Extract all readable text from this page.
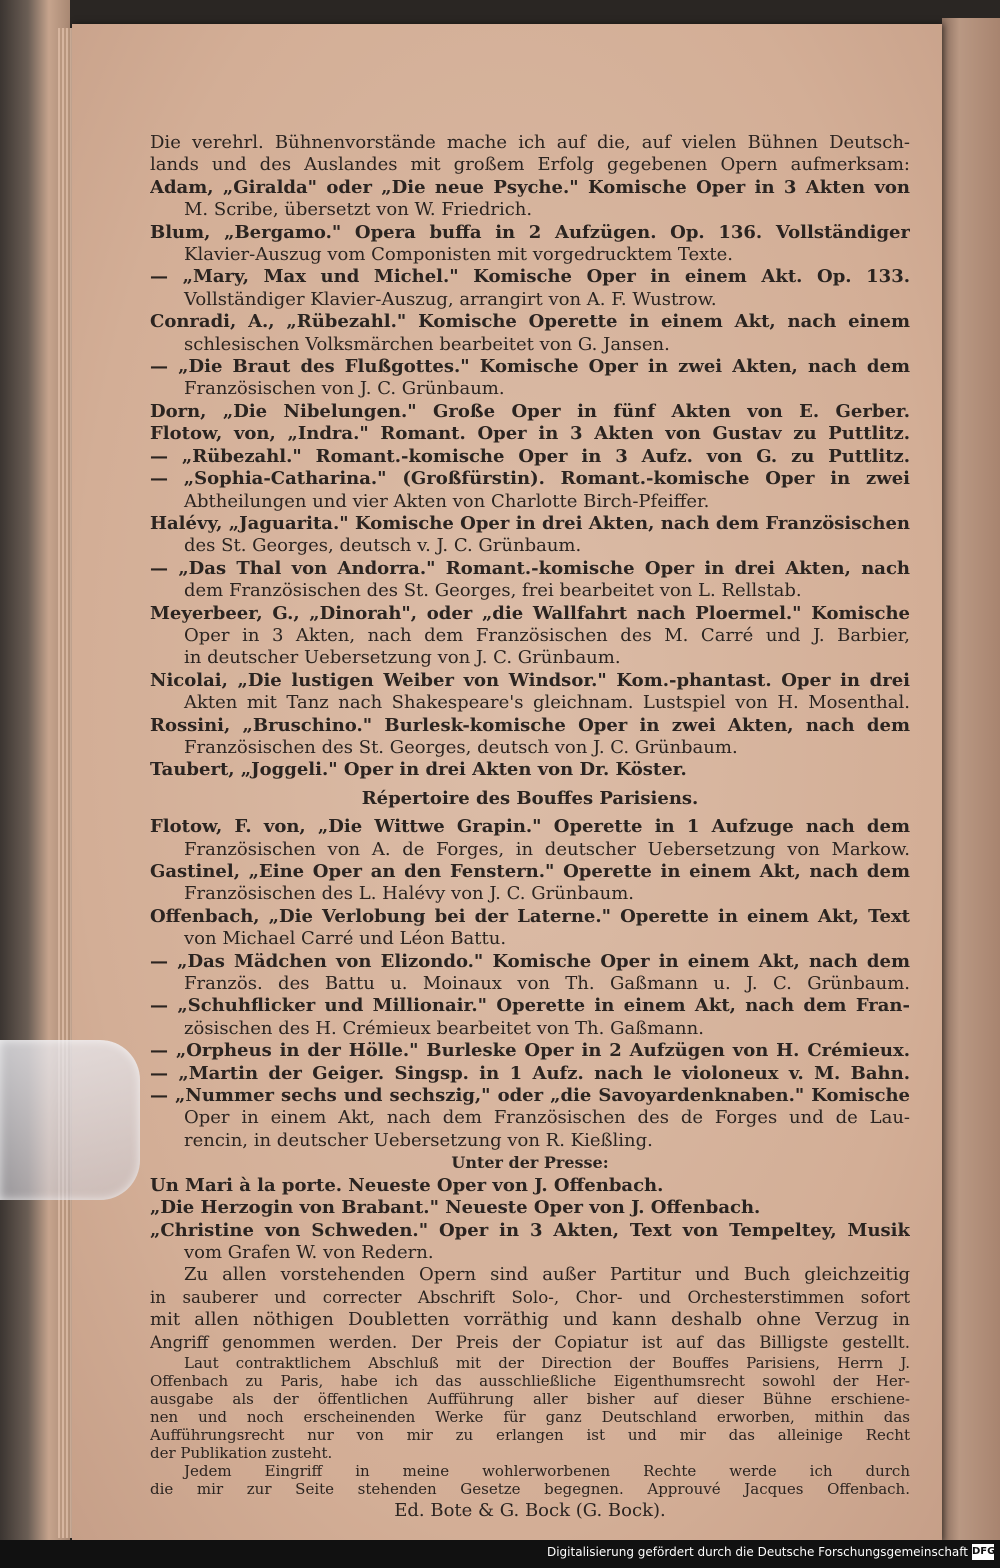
Die verehrl. Bühnenvorstände mache ich auf die, auf vielen Bühnen Deutsch-
lands und des Auslandes mit großem Erfolg gegebenen Opern aufmerksam:
Adam, „Giralda" oder „Die neue Psyche." Komische Oper in 3 Akten von
M. Scribe, übersetzt von W. Friedrich.
Blum, „Bergamo." Opera buffa in 2 Aufzügen. Op. 136. Vollständiger
Klavier-Auszug vom Componisten mit vorgedrucktem Texte.
— „Mary, Max und Michel." Komische Oper in einem Akt. Op. 133.
Vollständiger Klavier-Auszug, arrangirt von A. F. Wustrow.
Conradi, A., „Rübezahl." Komische Operette in einem Akt, nach einem
schlesischen Volksmärchen bearbeitet von G. Jansen.
— „Die Braut des Flußgottes." Komische Oper in zwei Akten, nach dem
Französischen von J. C. Grünbaum.
Dorn, „Die Nibelungen." Große Oper in fünf Akten von E. Gerber.
Flotow, von, „Indra." Romant. Oper in 3 Akten von Gustav zu Puttlitz.
— „Rübezahl." Romant.-komische Oper in 3 Aufz. von G. zu Puttlitz.
— „Sophia-Catharina." (Großfürstin). Romant.-komische Oper in zwei
Abtheilungen und vier Akten von Charlotte Birch-Pfeiffer.
Halévy, „Jaguarita." Komische Oper in drei Akten, nach dem Französischen
des St. Georges, deutsch v. J. C. Grünbaum.
— „Das Thal von Andorra." Romant.-komische Oper in drei Akten, nach
dem Französischen des St. Georges, frei bearbeitet von L. Rellstab.
Meyerbeer, G., „Dinorah", oder „die Wallfahrt nach Ploermel." Komische
Oper in 3 Akten, nach dem Französischen des M. Carré und J. Barbier,
in deutscher Uebersetzung von J. C. Grünbaum.
Nicolai, „Die lustigen Weiber von Windsor." Kom.-phantast. Oper in drei
Akten mit Tanz nach Shakespeare's gleichnam. Lustspiel von H. Mosenthal.
Rossini, „Bruschino." Burlesk-komische Oper in zwei Akten, nach dem
Französischen des St. Georges, deutsch von J. C. Grünbaum.
Taubert, „Joggeli." Oper in drei Akten von Dr. Köster.
Répertoire des Bouffes Parisiens.
Flotow, F. von, „Die Wittwe Grapin." Operette in 1 Aufzuge nach dem
Französischen von A. de Forges, in deutscher Uebersetzung von Markow.
Gastinel, „Eine Oper an den Fenstern." Operette in einem Akt, nach dem
Französischen des L. Halévy von J. C. Grünbaum.
Offenbach, „Die Verlobung bei der Laterne." Operette in einem Akt, Text
von Michael Carré und Léon Battu.
— „Das Mädchen von Elizondo." Komische Oper in einem Akt, nach dem
Französ. des Battu u. Moinaux von Th. Gaßmann u. J. C. Grünbaum.
— „Schuhflicker und Millionair." Operette in einem Akt, nach dem Fran-
zösischen des H. Crémieux bearbeitet von Th. Gaßmann.
— „Orpheus in der Hölle." Burleske Oper in 2 Aufzügen von H. Crémieux.
— „Martin der Geiger. Singsp. in 1 Aufz. nach le violoneux v. M. Bahn.
— „Nummer sechs und sechszig," oder „die Savoyardenknaben." Komische
Oper in einem Akt, nach dem Französischen des de Forges und de Lau-
rencin, in deutscher Uebersetzung von R. Kießling.
Unter der Presse:
Un Mari à la porte. Neueste Oper von J. Offenbach.
„Die Herzogin von Brabant." Neueste Oper von J. Offenbach.
„Christine von Schweden." Oper in 3 Akten, Text von Tempeltey, Musik
vom Grafen W. von Redern.
Zu allen vorstehenden Opern sind außer Partitur und Buch gleichzeitig
in sauberer und correcter Abschrift Solo-, Chor- und Orchesterstimmen sofort
mit allen nöthigen Doubletten vorräthig und kann deshalb ohne Verzug in
Angriff genommen werden. Der Preis der Copiatur ist auf das Billigste gestellt.
Laut contraktlichem Abschluß mit der Direction der Bouffes Parisiens, Herrn J.
Offenbach zu Paris, habe ich das ausschließliche Eigenthumsrecht sowohl der Her-
ausgabe als der öffentlichen Aufführung aller bisher auf dieser Bühne erschiene-
nen und noch erscheinenden Werke für ganz Deutschland erworben, mithin das
Aufführungsrecht nur von mir zu erlangen ist und mir das alleinige Recht
der Publikation zusteht.
Jedem Eingriff in meine wohlerworbenen Rechte werde ich durch
die mir zur Seite stehenden Gesetze begegnen. Approuvé Jacques Offenbach.
Ed. Bote & G. Bock (G. Bock).
Digitalisierung gefördert durch die Deutsche Forschungsgemeinschaft DFG
